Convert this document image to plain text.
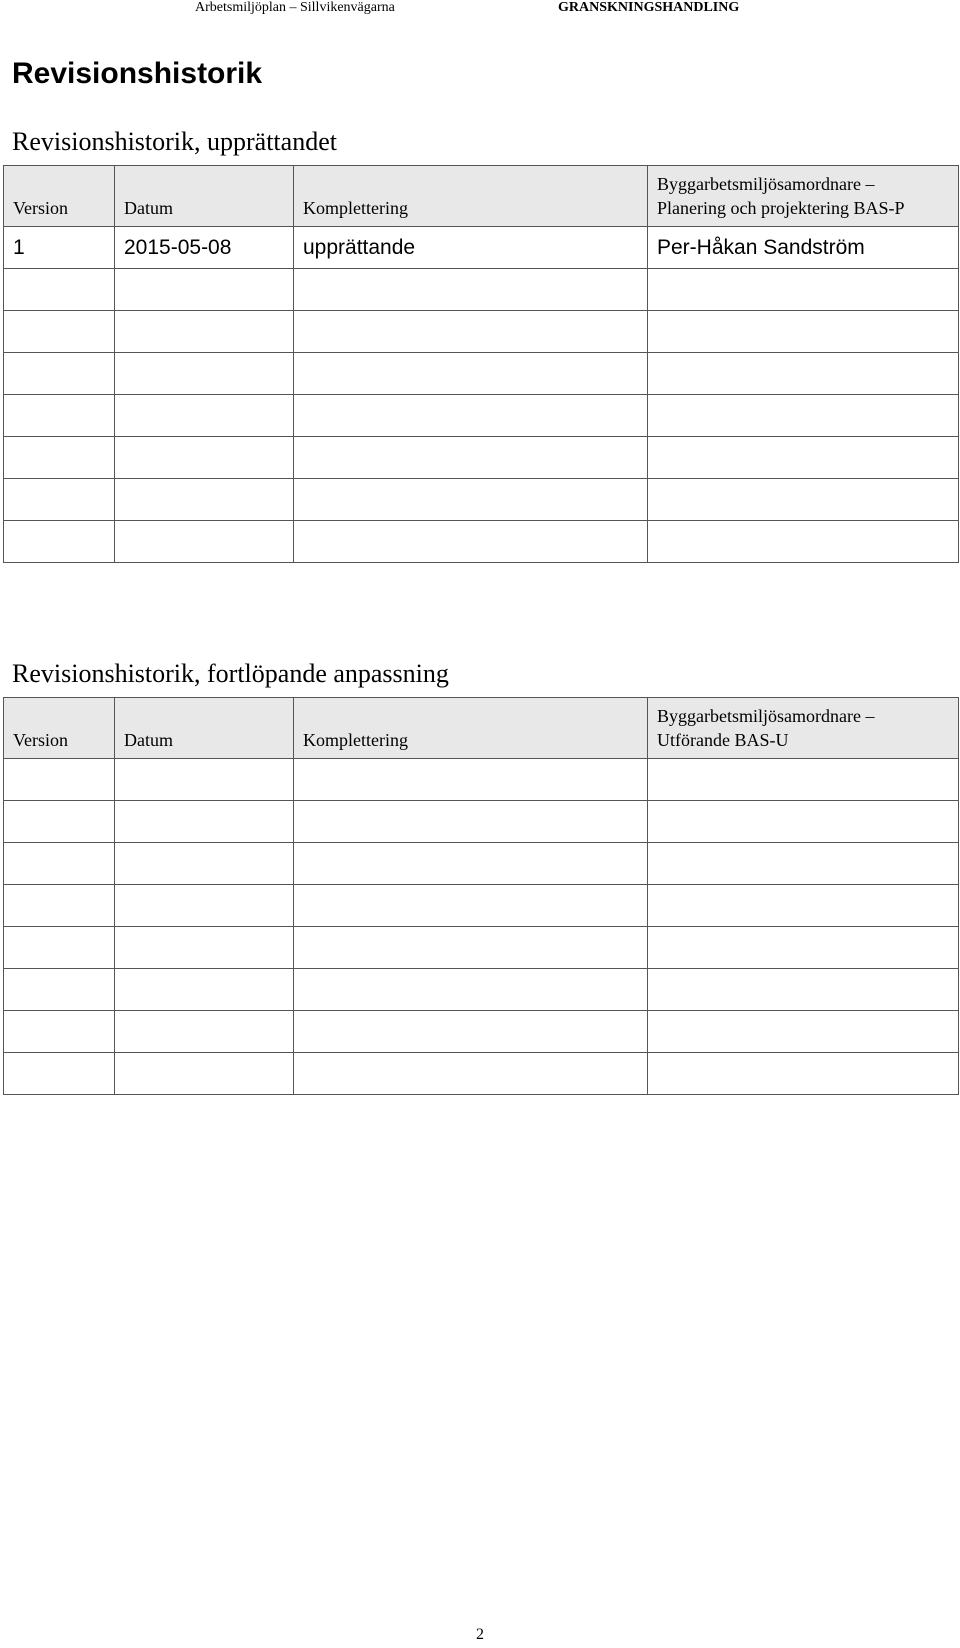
Arbetsmiljöplan – Sillvikenvägarna	GRANSKNINGSHANDLING
Revisionshistorik
Revisionshistorik, upprättandet
Version	Datum	Komplettering	Byggarbetsmiljösamordnare –
Planering och projektering BAS-P

1	2015-05-08	upprättande	Per-Håkan Sandström

Revisionshistorik, fortlöpande anpassning
Version	Datum	Komplettering	Byggarbetsmiljösamordnare –
Utförande BAS-U

2
